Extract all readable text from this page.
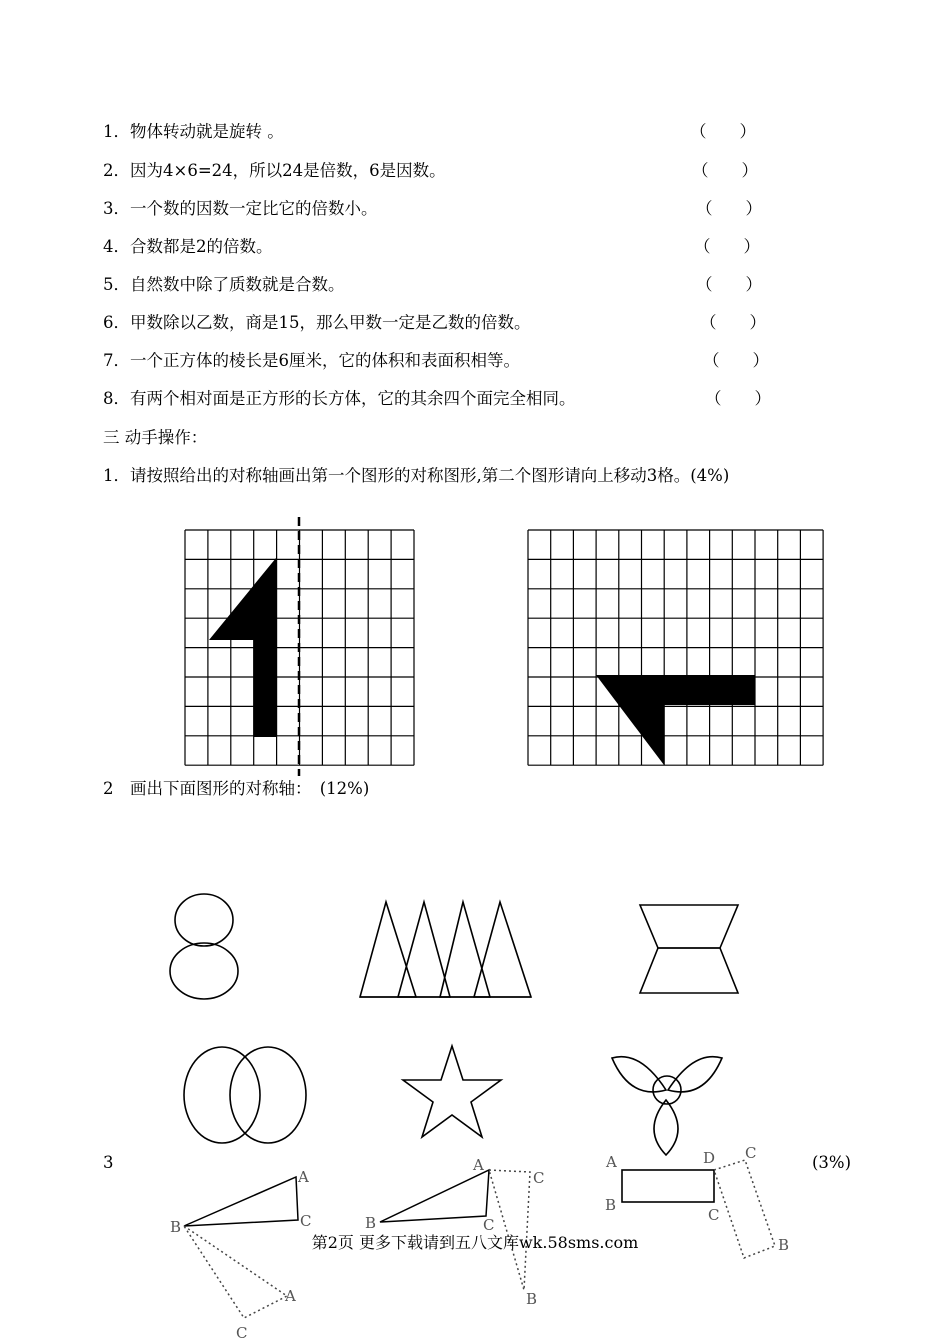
1．物体转动就是旋转 。	（　　）
2．因为4×6=24，所以24是倍数，6是因数。	（　　）
3．一个数的因数一定比它的倍数小。	（　　）
4．合数都是2的倍数。	（　　）
5．自然数中除了质数就是合数。	（　　）
6．甲数除以乙数，商是15，那么甲数一定是乙数的倍数。	（　　）
7．一个正方体的棱长是6厘米，它的体积和表面积相等。	（　　）
8．有两个相对面是正方形的长方体，它的其余四个面完全相同。	（　　）
三 动手操作：
1．请按照给出的对称轴画出第一个图形的对称图形,第二个图形请向上移动3格。(4%)
2　画出下面图形的对称轴：　(12%)
3	(3%)
A
C
B
A
C
A
B	C
C
B
A
B
D
C
C
B
第2页 更多下载请到五八文库wk.58sms.com
